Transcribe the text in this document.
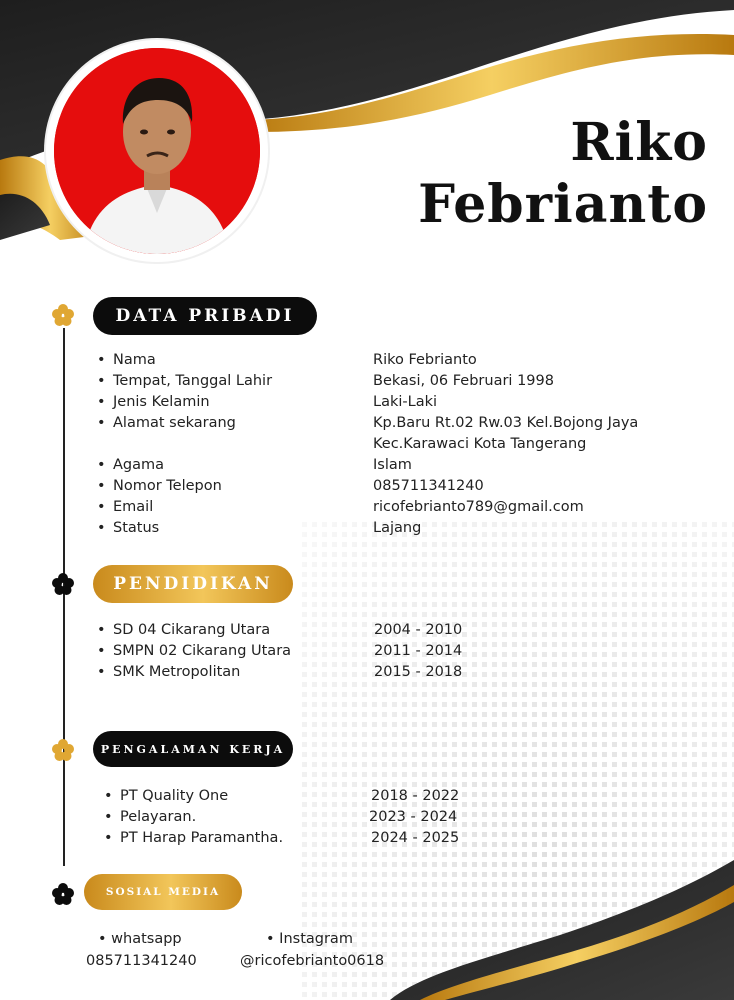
Riko
Febrianto
DATA PRIBADI
• Nama	Riko Febrianto
• Tempat, Tanggal Lahir	Bekasi, 06 Februari 1998
• Jenis Kelamin	Laki-Laki
• Alamat sekarang	Kp.Baru Rt.02 Rw.03 Kel.Bojong Jaya
Kec.Karawaci Kota Tangerang
• Agama	Islam
• Nomor Telepon	085711341240
• Email	ricofebrianto789@gmail.com
• Status	Lajang
PENDIDIKAN
• SD 04 Cikarang Utara	2004 - 2010
• SMPN 02 Cikarang Utara	2011 - 2014
• SMK Metropolitan	2015 - 2018
PENGALAMAN KERJA
• PT Quality One	2018 - 2022
• Pelayaran.	2023 - 2024
• PT Harap Paramantha.	2024 - 2025
SOSIAL MEDIA
• whatsapp
085711341240
• Instagram
@ricofebrianto0618
